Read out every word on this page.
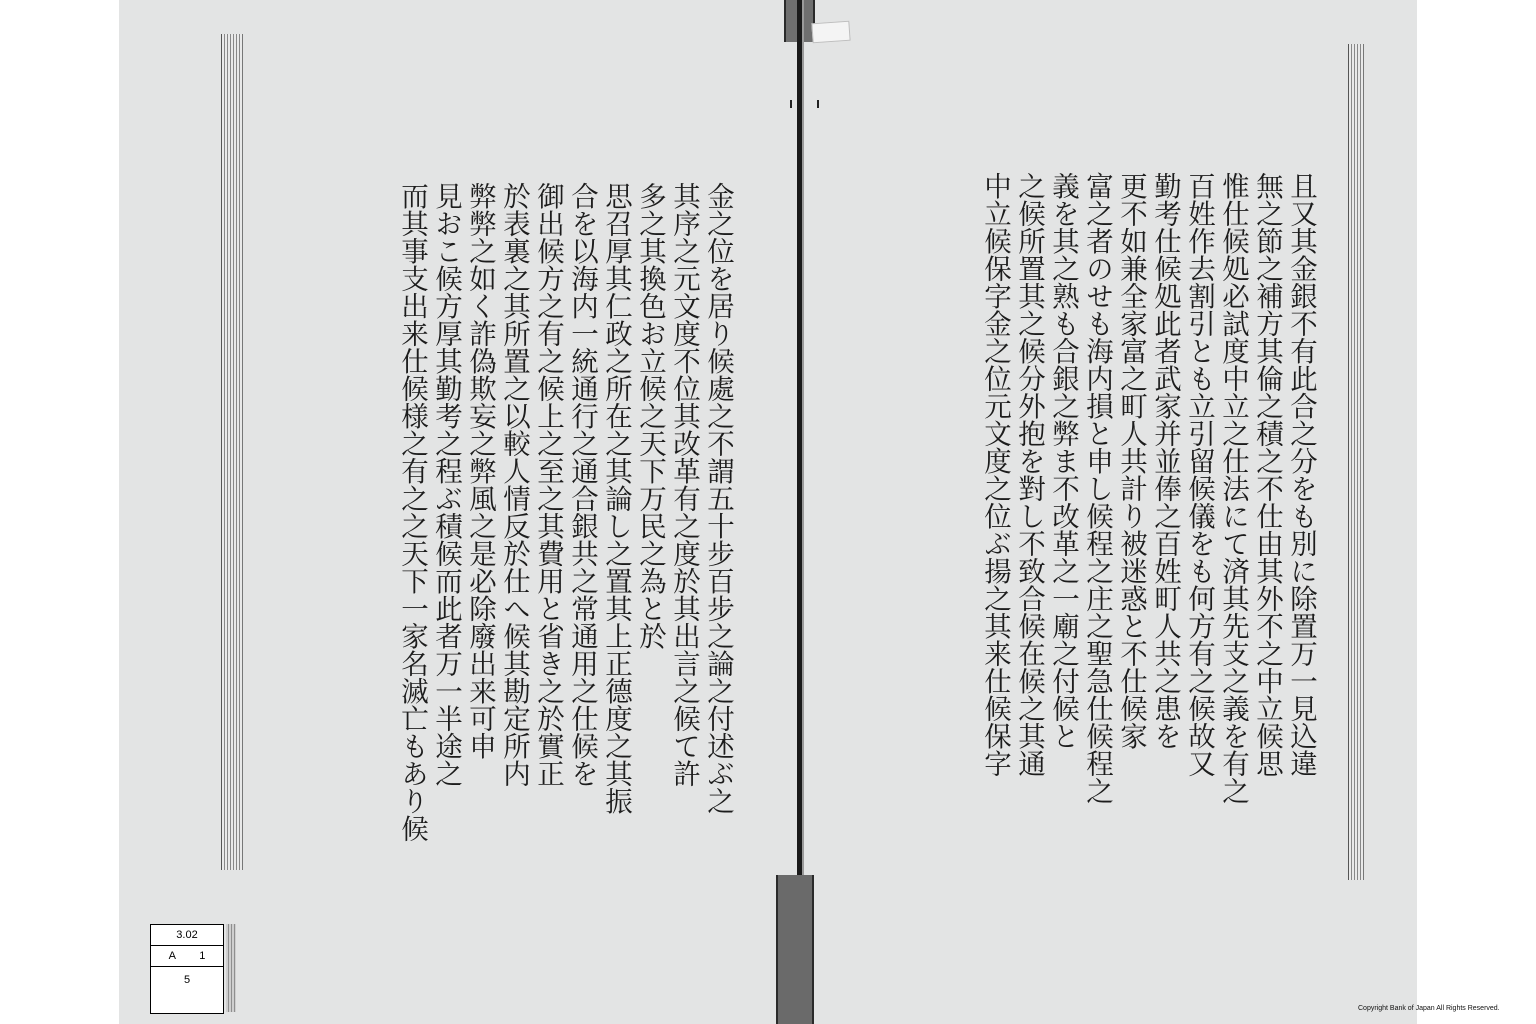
且又其金銀不有此合之分をも別に除置万一見込違
無之節之補方其倫之積之不仕由其外不之中立候思
惟仕候処必試度中立之仕法にて済其先支之義を有之
百姓作去割引とも立引留候儀をも何方有之候故又
勤考仕候処此者武家并並俸之百姓町人共之患を
更不如兼全家富之町人共計り被迷惑と不仕候家
富之者のせも海内損と申し候程之庄之聖急仕候程之
義を其之熟も合銀之弊ま不改革之一廟之付候と
之候所置其之候分外抱を對し不致合候在候之其通
中立候保字金之位元文度之位ぶ揚之其来仕候保字
金之位を居り候處之不謂五十步百步之論之付述ぶ之
其序之元文度不位其改革有之度於其出言之候て許
多之其換色お立候之天下万民之為と於
思召厚其仁政之所在之其論し之置其上正德度之其振
合を以海内一統通行之通合銀共之常通用之仕候を
御出候方之有之候上之至之其費用と省き之於實正
於表裏之其所置之以較人情反於仕へ候其勘定所内
弊弊之如く詐偽欺妄之弊風之是必除廢出来可申
見おこ候方厚其勤考之程ぶ積候而此者万一半途之
而其事支出来仕候様之有之之天下一家名滅亡もあり候
3.02
A 1
5
Copyright Bank of Japan All Rights Reserved.
